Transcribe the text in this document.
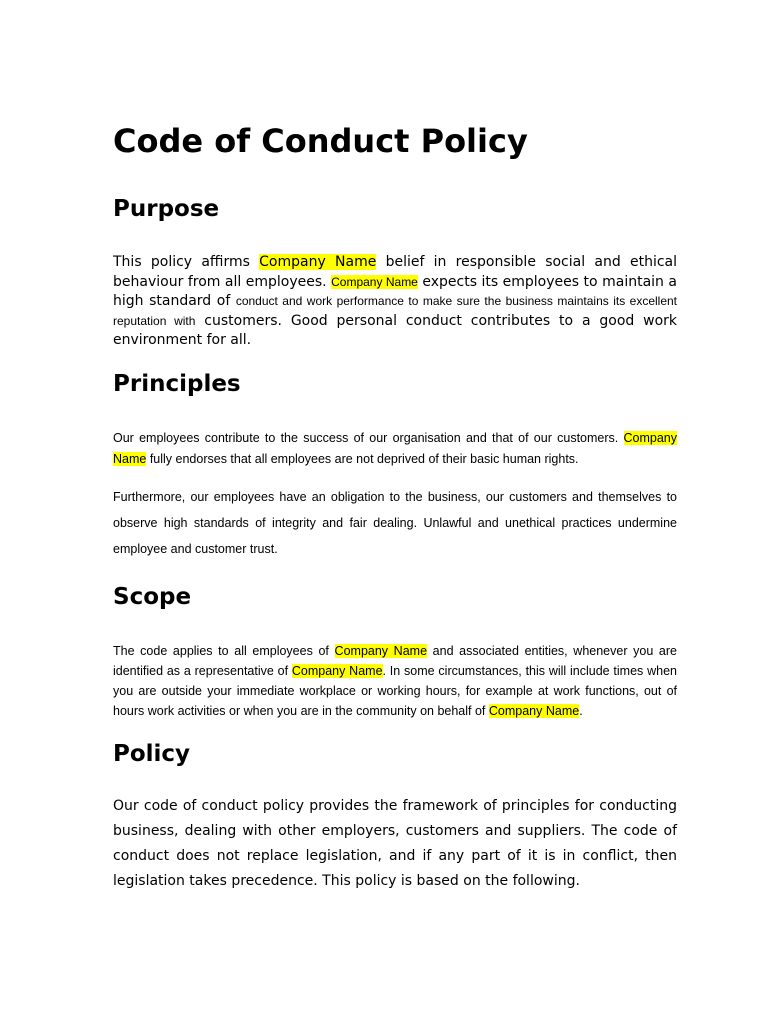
Code of Conduct Policy
Purpose

This policy affirms Company Name belief in responsible social and ethical behaviour from all employees. Company Name expects its employees to maintain a high standard of conduct and work performance to make sure the business maintains its excellent reputation with customers. Good personal conduct contributes to a good work environment for all.

Principles

Our employees contribute to the success of our organisation and that of our customers. Company Name fully endorses that all employees are not deprived of their basic human rights.

Furthermore, our employees have an obligation to the business, our customers and themselves to observe high standards of integrity and fair dealing. Unlawful and unethical practices undermine employee and customer trust.

Scope

The code applies to all employees of Company Name and associated entities, whenever you are identified as a representative of Company Name. In some circumstances, this will include times when you are outside your immediate workplace or working hours, for example at work functions, out of hours work activities or when you are in the community on behalf of Company Name.

Policy

Our code of conduct policy provides the framework of principles for conducting business, dealing with other employers, customers and suppliers. The code of conduct does not replace legislation, and if any part of it is in conflict, then legislation takes precedence. This policy is based on the following.
